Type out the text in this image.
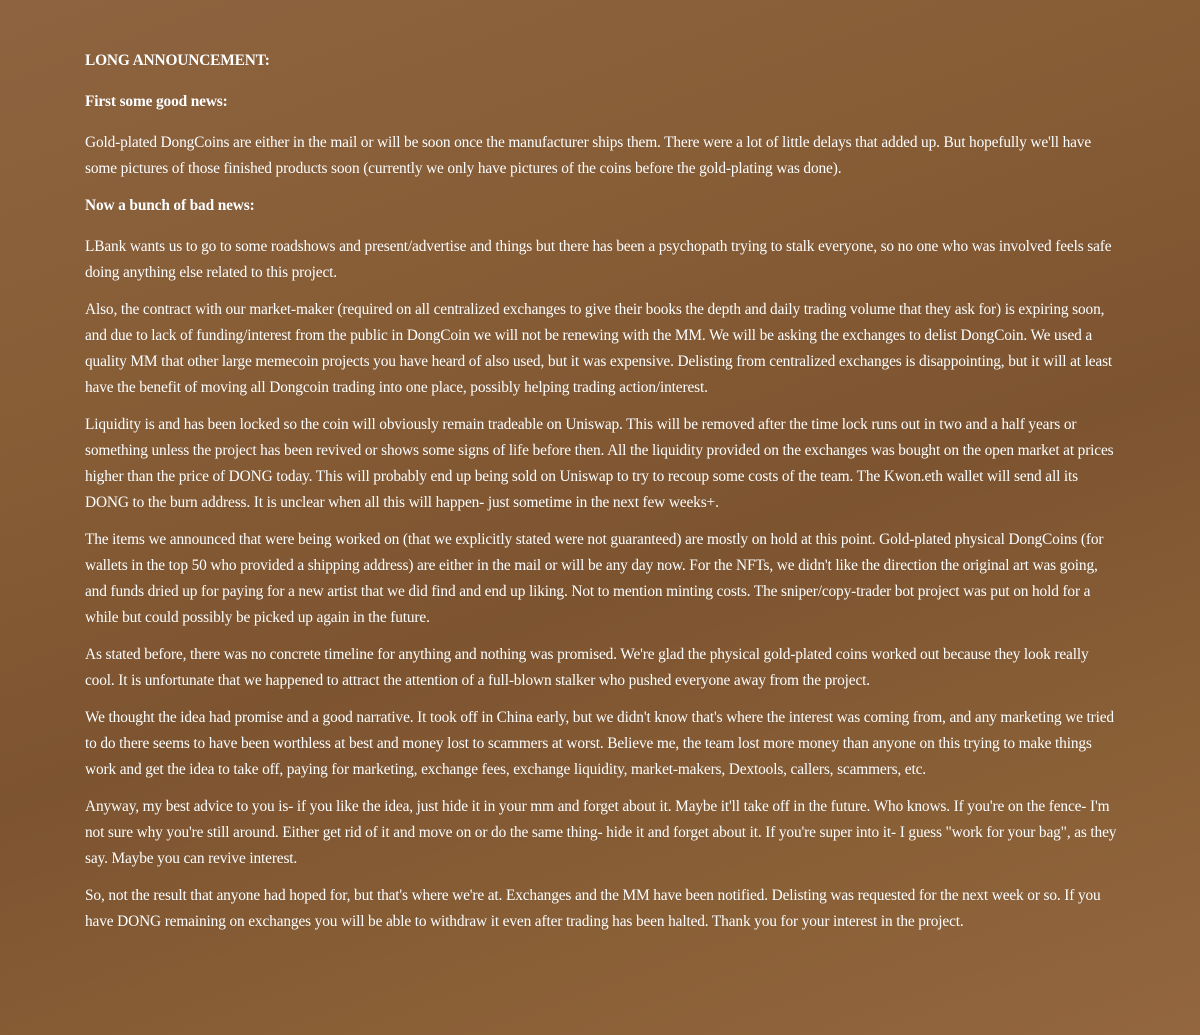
LONG ANNOUNCEMENT:

First some good news:

Gold-plated DongCoins are either in the mail or will be soon once the manufacturer ships them. There were a lot of little delays that added up. But hopefully we'll have some pictures of those finished products soon (currently we only have pictures of the coins before the gold-plating was done).

Now a bunch of bad news:

LBank wants us to go to some roadshows and present/advertise and things but there has been a psychopath trying to stalk everyone, so no one who was involved feels safe doing anything else related to this project.

Also, the contract with our market-maker (required on all centralized exchanges to give their books the depth and daily trading volume that they ask for) is expiring soon, and due to lack of funding/interest from the public in DongCoin we will not be renewing with the MM. We will be asking the exchanges to delist DongCoin. We used a quality MM that other large memecoin projects you have heard of also used, but it was expensive. Delisting from centralized exchanges is disappointing, but it will at least have the benefit of moving all Dongcoin trading into one place, possibly helping trading action/interest.

Liquidity is and has been locked so the coin will obviously remain tradeable on Uniswap. This will be removed after the time lock runs out in two and a half years or something unless the project has been revived or shows some signs of life before then. All the liquidity provided on the exchanges was bought on the open market at prices higher than the price of DONG today. This will probably end up being sold on Uniswap to try to recoup some costs of the team. The Kwon.eth wallet will send all its DONG to the burn address. It is unclear when all this will happen- just sometime in the next few weeks+.

The items we announced that were being worked on (that we explicitly stated were not guaranteed) are mostly on hold at this point. Gold-plated physical DongCoins (for wallets in the top 50 who provided a shipping address) are either in the mail or will be any day now. For the NFTs, we didn't like the direction the original art was going, and funds dried up for paying for a new artist that we did find and end up liking. Not to mention minting costs. The sniper/copy-trader bot project was put on hold for a while but could possibly be picked up again in the future.

As stated before, there was no concrete timeline for anything and nothing was promised. We're glad the physical gold-plated coins worked out because they look really cool. It is unfortunate that we happened to attract the attention of a full-blown stalker who pushed everyone away from the project.

We thought the idea had promise and a good narrative. It took off in China early, but we didn't know that's where the interest was coming from, and any marketing we tried to do there seems to have been worthless at best and money lost to scammers at worst. Believe me, the team lost more money than anyone on this trying to make things work and get the idea to take off, paying for marketing, exchange fees, exchange liquidity, market-makers, Dextools, callers, scammers, etc.

Anyway, my best advice to you is- if you like the idea, just hide it in your mm and forget about it. Maybe it'll take off in the future. Who knows. If you're on the fence- I'm not sure why you're still around. Either get rid of it and move on or do the same thing- hide it and forget about it. If you're super into it- I guess "work for your bag", as they say. Maybe you can revive interest.

So, not the result that anyone had hoped for, but that's where we're at. Exchanges and the MM have been notified. Delisting was requested for the next week or so. If you have DONG remaining on exchanges you will be able to withdraw it even after trading has been halted. Thank you for your interest in the project.
